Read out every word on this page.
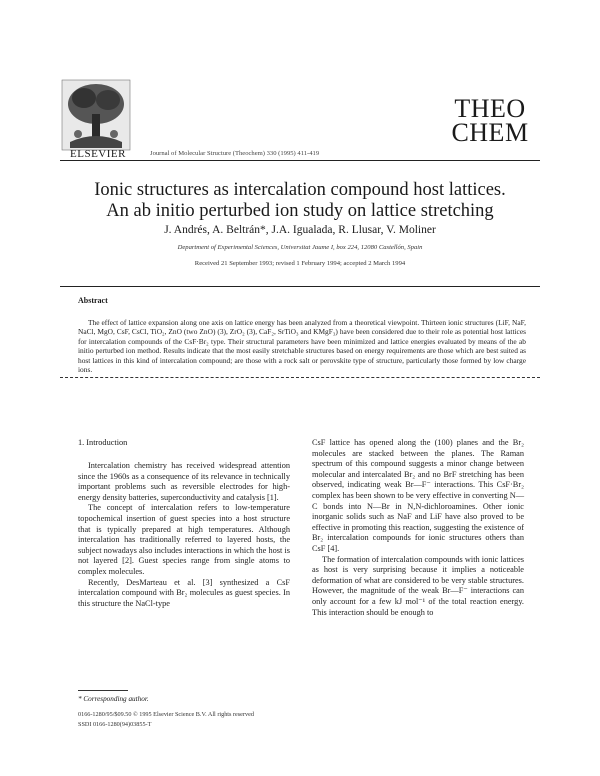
ELSEVIER	Journal of Molecular Structure (Theochem) 330 (1995) 411-419
THEO
CHEM
Ionic structures as intercalation compound host lattices.
An ab initio perturbed ion study on lattice stretching
J. Andrés, A. Beltrán*, J.A. Igualada, R. Llusar, V. Moliner
Department of Experimental Sciences, Universitat Jaume I, box 224, 12080 Castellón, Spain
Received 21 September 1993; revised 1 February 1994; accepted 2 March 1994
Abstract
The effect of lattice expansion along one axis on lattice energy has been analyzed from a theoretical viewpoint. Thirteen ionic structures (LiF, NaF, NaCl, MgO, CsF, CsCl, TiO₂, ZnO (two ZnO) (3), ZrO₂ (3), CaF₂, SrTiO₃ and KMgF₃) have been considered due to their role as potential host lattices for intercalation compounds of the CsF·Br₂ type. Their structural parameters have been minimized and lattice energies evaluated by means of the ab initio perturbed ion method. Results indicate that the most easily stretchable structures based on energy requirements are those which are best suited as host lattices in this kind of intercalation compound; are those with a rock salt or perovskite type of structure, particularly those formed by low charge ions.
1. Introduction

Intercalation chemistry has received widespread attention since the 1960s as a consequence of its relevance in technically important problems such as reversible electrodes for high-energy density batteries, superconductivity and catalysis [1].

The concept of intercalation refers to low-temperature topochemical insertion of guest species into a host structure that is typically prepared at high temperatures. Although intercalation has traditionally referred to layered hosts, the subject nowadays also includes interactions in which the host is not layered [2]. Guest species range from single atoms to complex molecules.

Recently, DesMarteau et al. [3] synthesized a CsF intercalation compound with Br₂ molecules as guest species. In this structure the NaCl-type

CsF lattice has opened along the (100) planes and the Br₂ molecules are stacked between the planes. The Raman spectrum of this compound suggests a minor change between molecular and intercalated Br₂ and no BrF stretching has been observed, indicating weak Br—F⁻ interactions. This CsF·Br₂ complex has been shown to be very effective in converting N—C bonds into N—Br in N,N-dichloroamines. Other ionic inorganic solids such as NaF and LiF have also proved to be effective in promoting this reaction, suggesting the existence of Br₂ intercalation compounds for ionic structures others than CsF [4].

The formation of intercalation compounds with ionic lattices as host is very surprising because it implies a noticeable deformation of what are considered to be very stable structures. However, the magnitude of the weak Br—F⁻ interactions can only account for a few kJ mol⁻¹ of the total reaction energy. This interaction should be enough to

* Corresponding author.
0166-1280/95/$09.50 © 1995 Elsevier Science B.V. All rights reserved
SSDI 0166-1280(94)03855-T
